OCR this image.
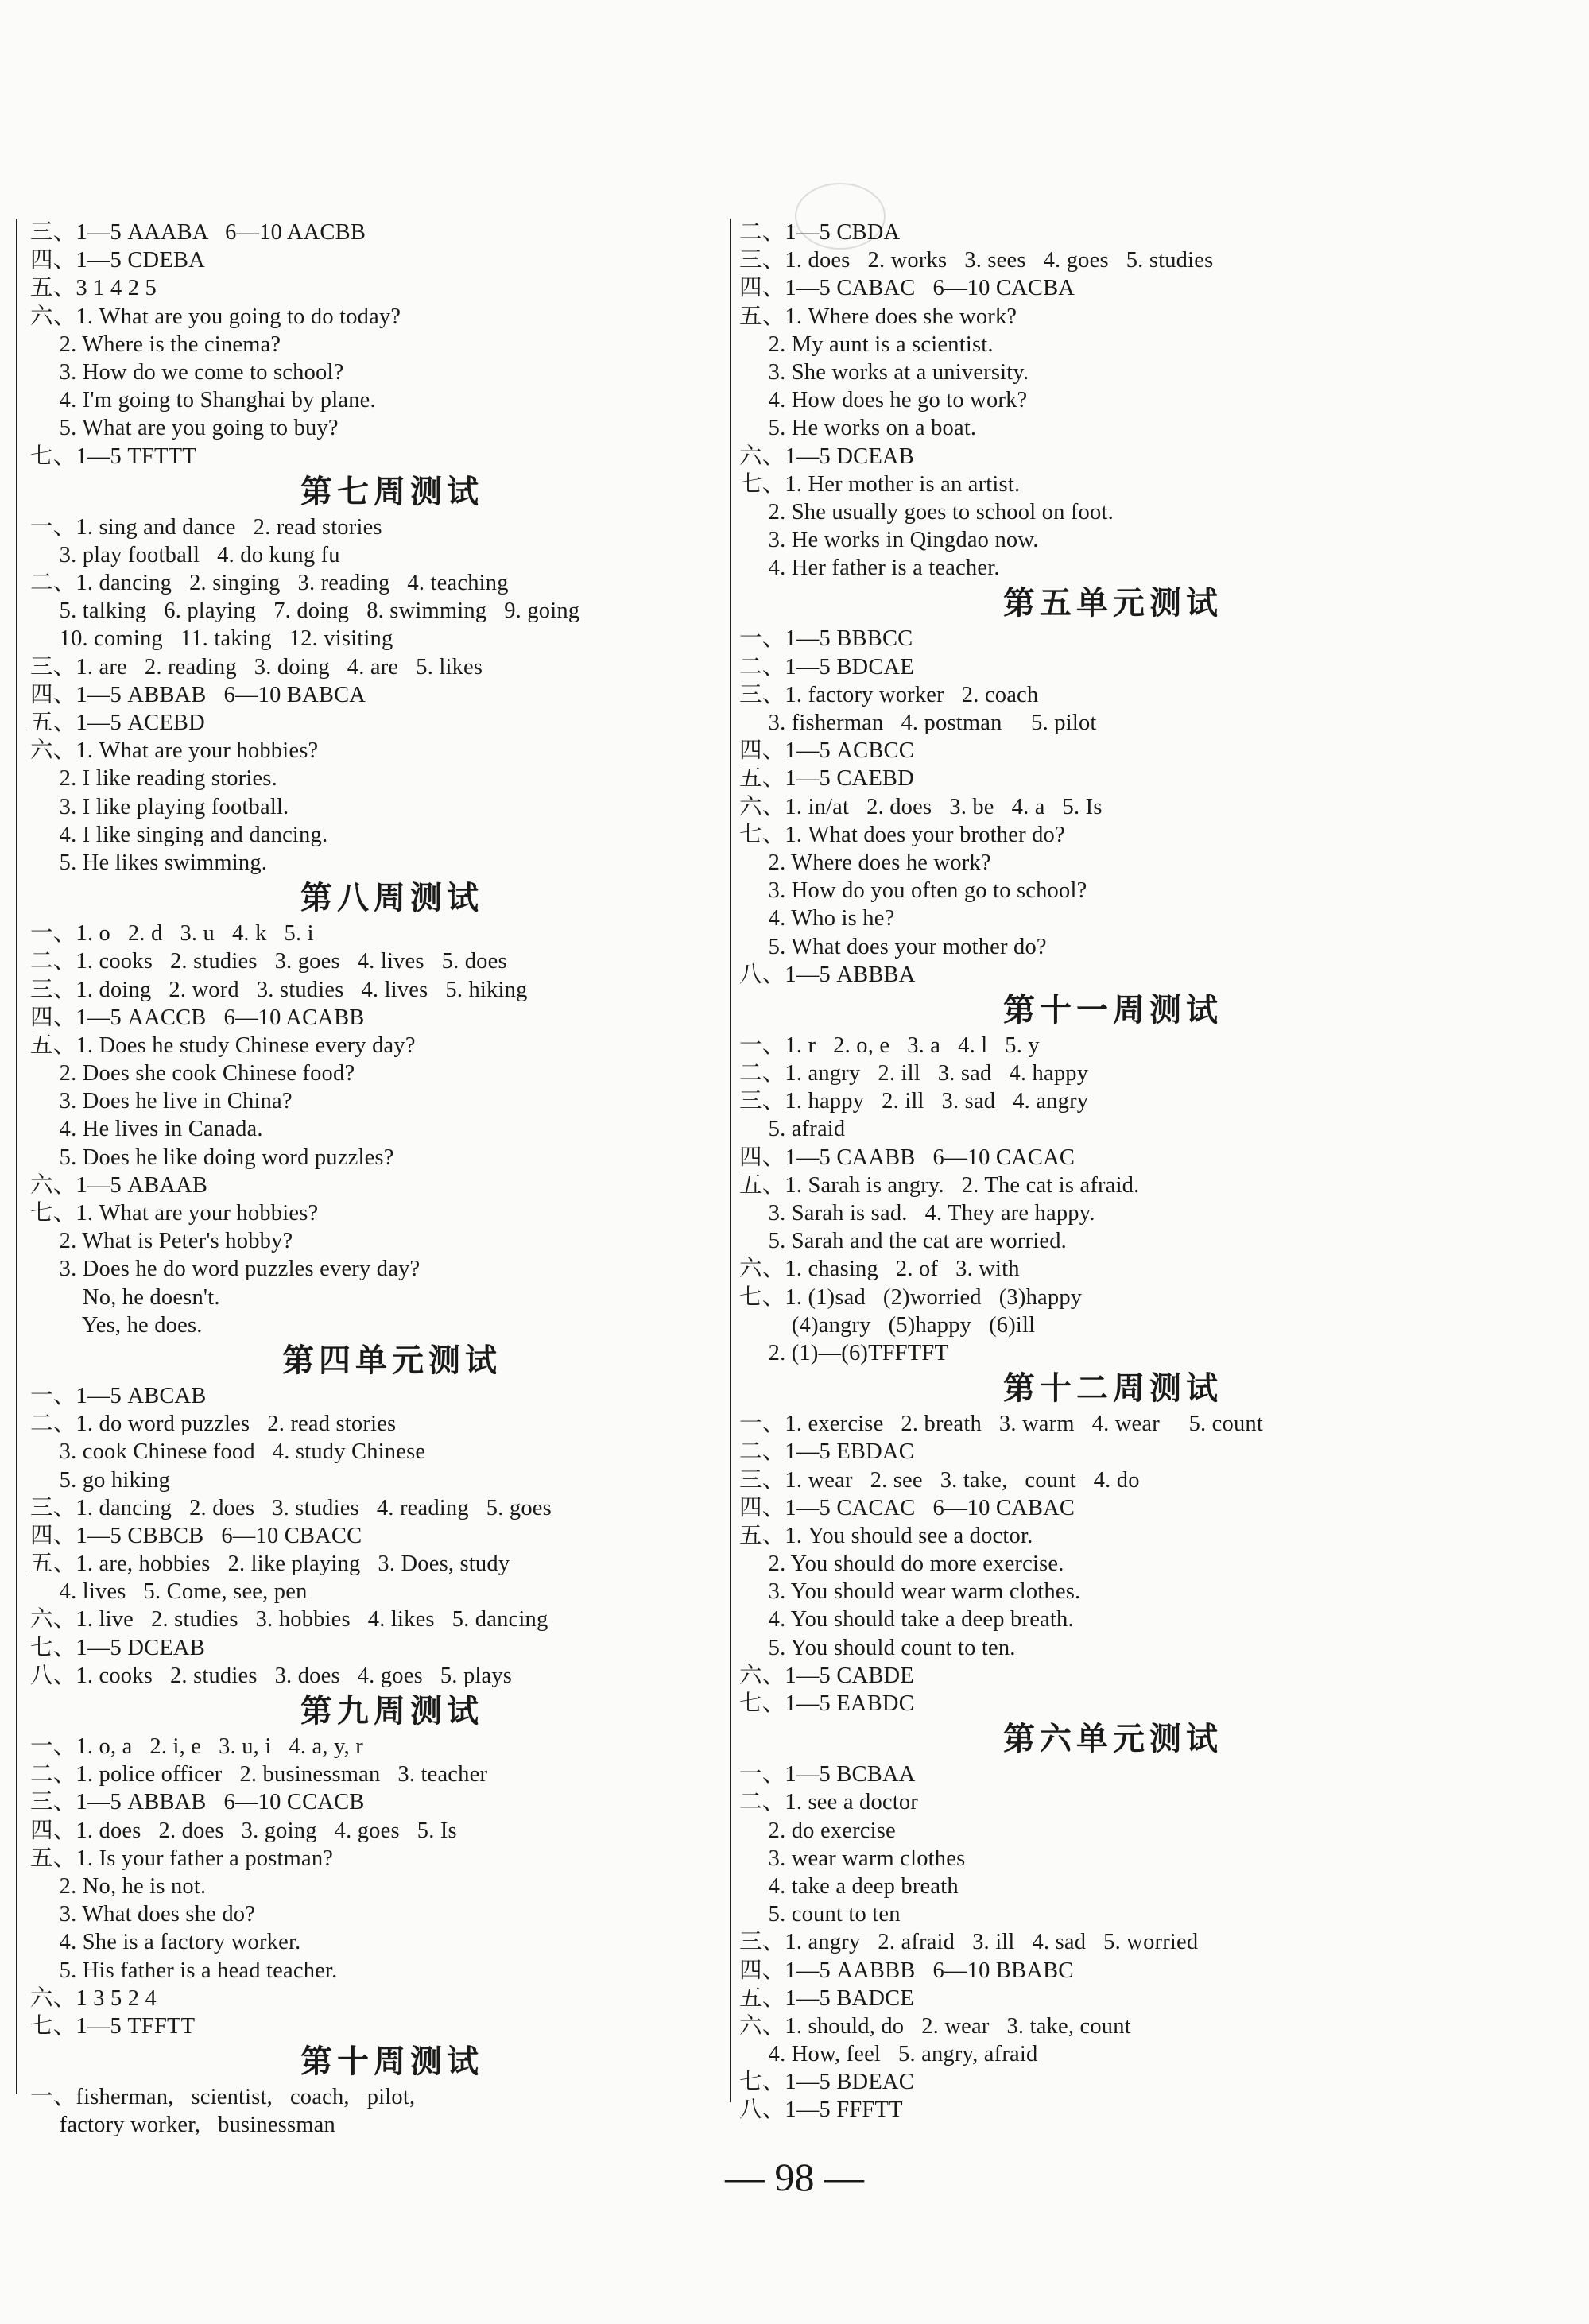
三、1—5 AAABA   6—10 AACBB
四、1—5 CDEBA
五、3 1 4 2 5
六、1. What are you going to do today?
2. Where is the cinema?
3. How do we come to school?
4. I'm going to Shanghai by plane.
5. What are you going to buy?
七、1—5 TFTTT
第七周测试
一、1. sing and dance   2. read stories
3. play football   4. do kung fu
二、1. dancing   2. singing   3. reading   4. teaching
5. talking   6. playing   7. doing   8. swimming   9. going
10. coming   11. taking   12. visiting
三、1. are   2. reading   3. doing   4. are   5. likes
四、1—5 ABBAB   6—10 BABCA
五、1—5 ACEBD
六、1. What are your hobbies?
2. I like reading stories.
3. I like playing football.
4. I like singing and dancing.
5. He likes swimming.
第八周测试
一、1. o   2. d   3. u   4. k   5. i
二、1. cooks   2. studies   3. goes   4. lives   5. does
三、1. doing   2. word   3. studies   4. lives   5. hiking
四、1—5 AACCB   6—10 ACABB
五、1. Does he study Chinese every day?
2. Does she cook Chinese food?
3. Does he live in China?
4. He lives in Canada.
5. Does he like doing word puzzles?
六、1—5 ABAAB
七、1. What are your hobbies?
2. What is Peter's hobby?
3. Does he do word puzzles every day?
No, he doesn't.
Yes, he does.
第四单元测试
一、1—5 ABCAB
二、1. do word puzzles   2. read stories
3. cook Chinese food   4. study Chinese
5. go hiking
三、1. dancing   2. does   3. studies   4. reading   5. goes
四、1—5 CBBCB   6—10 CBACC
五、1. are, hobbies   2. like playing   3. Does, study
4. lives   5. Come, see, pen
六、1. live   2. studies   3. hobbies   4. likes   5. dancing
七、1—5 DCEAB
八、1. cooks   2. studies   3. does   4. goes   5. plays
第九周测试
一、1. o, a   2. i, e   3. u, i   4. a, y, r
二、1. police officer   2. businessman   3. teacher
三、1—5 ABBAB   6—10 CCACB
四、1. does   2. does   3. going   4. goes   5. Is
五、1. Is your father a postman?
2. No, he is not.
3. What does she do?
4. She is a factory worker.
5. His father is a head teacher.
六、1 3 5 2 4
七、1—5 TFFTT
第十周测试
一、fisherman,   scientist,   coach,   pilot,
factory worker,   businessman
二、1—5 CBDA
三、1. does   2. works   3. sees   4. goes   5. studies
四、1—5 CABAC   6—10 CACBA
五、1. Where does she work?
2. My aunt is a scientist.
3. She works at a university.
4. How does he go to work?
5. He works on a boat.
六、1—5 DCEAB
七、1. Her mother is an artist.
2. She usually goes to school on foot.
3. He works in Qingdao now.
4. Her father is a teacher.
第五单元测试
一、1—5 BBBCC
二、1—5 BDCAE
三、1. factory worker   2. coach
3. fisherman   4. postman     5. pilot
四、1—5 ACBCC
五、1—5 CAEBD
六、1. in/at   2. does   3. be   4. a   5. Is
七、1. What does your brother do?
2. Where does he work?
3. How do you often go to school?
4. Who is he?
5. What does your mother do?
八、1—5 ABBBA
第十一周测试
一、1. r   2. o, e   3. a   4. l   5. y
二、1. angry   2. ill   3. sad   4. happy
三、1. happy   2. ill   3. sad   4. angry
5. afraid
四、1—5 CAABB   6—10 CACAC
五、1. Sarah is angry.   2. The cat is afraid.
3. Sarah is sad.   4. They are happy.
5. Sarah and the cat are worried.
六、1. chasing   2. of   3. with
七、1. (1)sad   (2)worried   (3)happy
(4)angry   (5)happy   (6)ill
2. (1)—(6)TFFTFT
第十二周测试
一、1. exercise   2. breath   3. warm   4. wear     5. count
二、1—5 EBDAC
三、1. wear   2. see   3. take,   count   4. do
四、1—5 CACAC   6—10 CABAC
五、1. You should see a doctor.
2. You should do more exercise.
3. You should wear warm clothes.
4. You should take a deep breath.
5. You should count to ten.
六、1—5 CABDE
七、1—5 EABDC
第六单元测试
一、1—5 BCBAA
二、1. see a doctor
2. do exercise
3. wear warm clothes
4. take a deep breath
5. count to ten
三、1. angry   2. afraid   3. ill   4. sad   5. worried
四、1—5 AABBB   6—10 BBABC
五、1—5 BADCE
六、1. should, do   2. wear   3. take, count
4. How, feel   5. angry, afraid
七、1—5 BDEAC
八、1—5 FFFTT
— 98 —
